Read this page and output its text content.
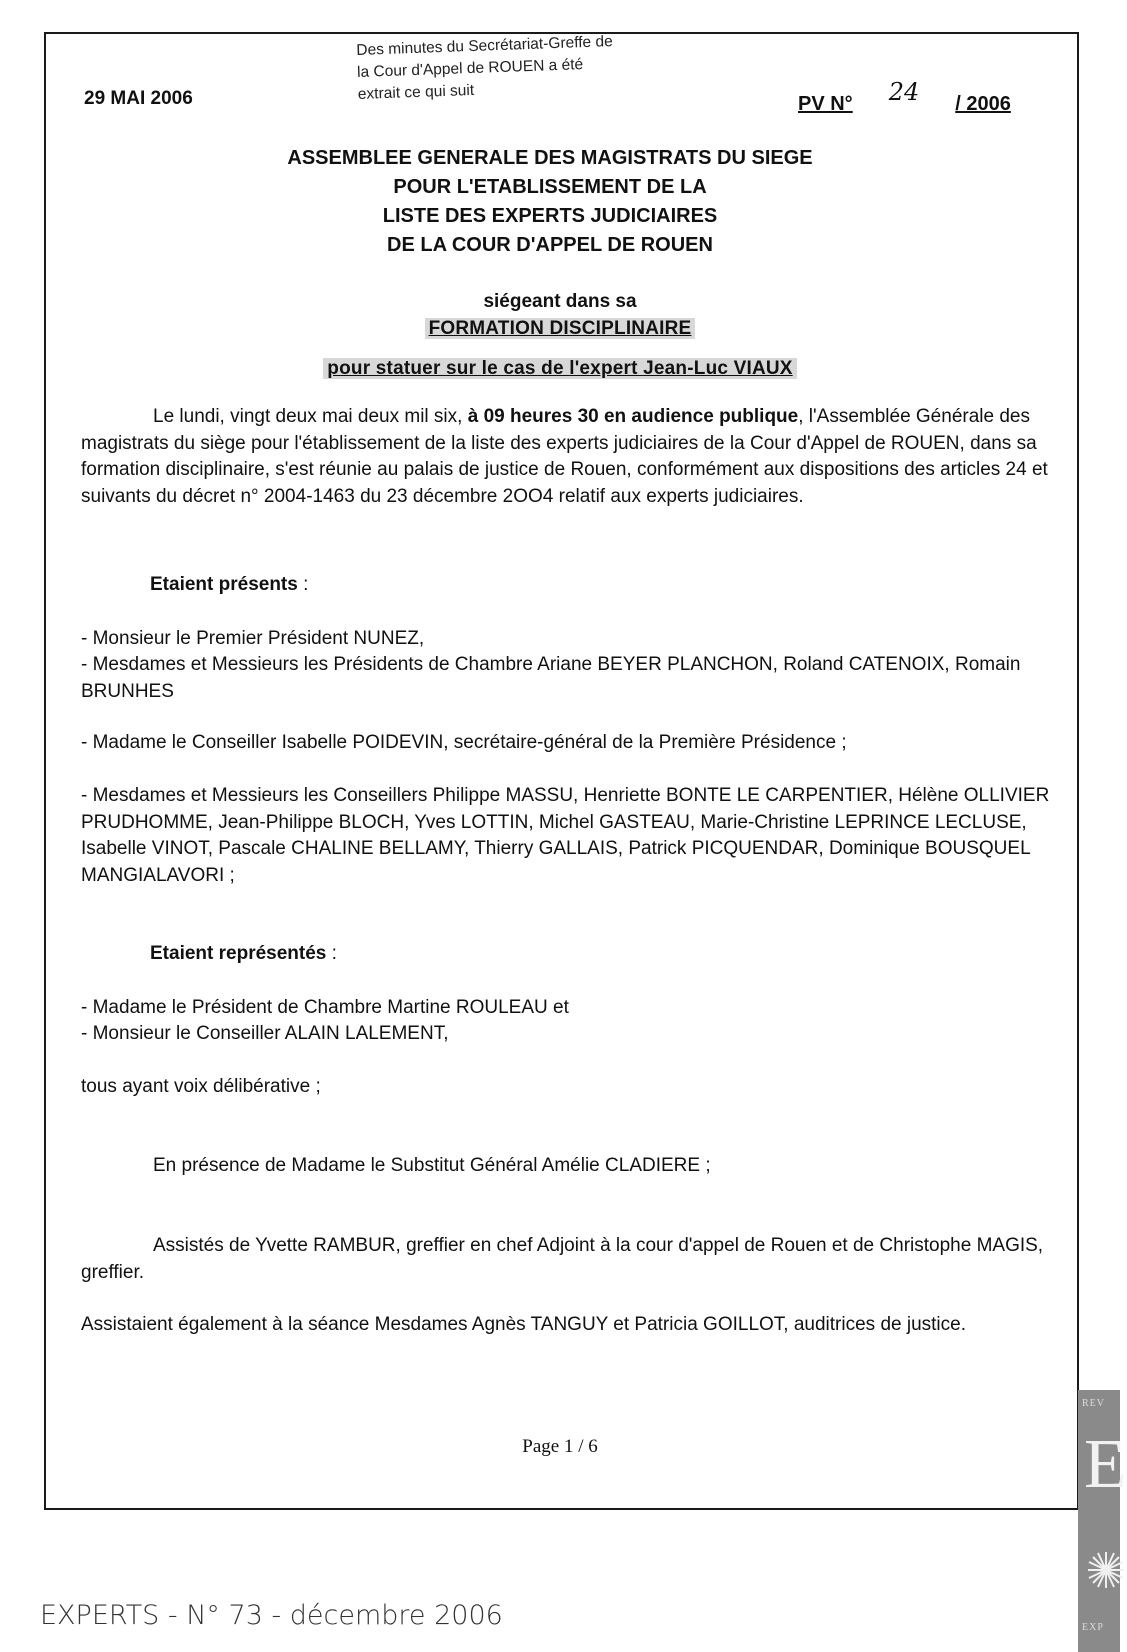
29 MAI 2006
Des minutes du Secrétariat-Greffe de
la Cour d'Appel de ROUEN a été
extrait ce qui suit
PV N° 24 / 2006
ASSEMBLEE GENERALE DES MAGISTRATS DU SIEGE
POUR L'ETABLISSEMENT DE LA
LISTE DES EXPERTS JUDICIAIRES
DE LA COUR D'APPEL DE ROUEN
siégeant dans sa
FORMATION DISCIPLINAIRE
pour statuer sur le cas de l'expert Jean-Luc VIAUX
Le lundi, vingt deux mai deux mil six, à 09 heures 30 en audience publique, l'Assemblée Générale des magistrats du siège pour l'établissement de la liste des experts judiciaires de la Cour d'Appel de ROUEN, dans sa formation disciplinaire, s'est réunie au palais de justice de Rouen, conformément aux dispositions des articles 24 et suivants du décret n° 2004-1463 du 23 décembre 2OO4 relatif aux experts judiciaires.
Etaient présents :
- Monsieur le Premier Président NUNEZ,
- Mesdames et Messieurs les Présidents de Chambre Ariane BEYER PLANCHON, Roland CATENOIX, Romain BRUNHES
- Madame le Conseiller Isabelle POIDEVIN, secrétaire-général de la Première Présidence ;
- Mesdames et Messieurs les Conseillers Philippe MASSU, Henriette BONTE LE CARPENTIER, Hélène OLLIVIER PRUDHOMME, Jean-Philippe BLOCH, Yves LOTTIN, Michel GASTEAU, Marie-Christine LEPRINCE LECLUSE, Isabelle VINOT, Pascale CHALINE BELLAMY, Thierry GALLAIS, Patrick PICQUENDAR, Dominique BOUSQUEL MANGIALAVORI ;
Etaient représentés :
- Madame le Président de Chambre Martine ROULEAU et
- Monsieur le Conseiller ALAIN LALEMENT,
tous ayant voix délibérative ;
En présence de Madame le Substitut Général Amélie CLADIERE ;
Assistés de Yvette RAMBUR, greffier en chef Adjoint à la cour d'appel de Rouen et de Christophe MAGIS, greffier.
Assistaient également à la séance Mesdames Agnès TANGUY et Patricia GOILLOT, auditrices de justice.
Page 1 / 6
EXPERTS - N° 73 - décembre 2006
REV
E
EXP
